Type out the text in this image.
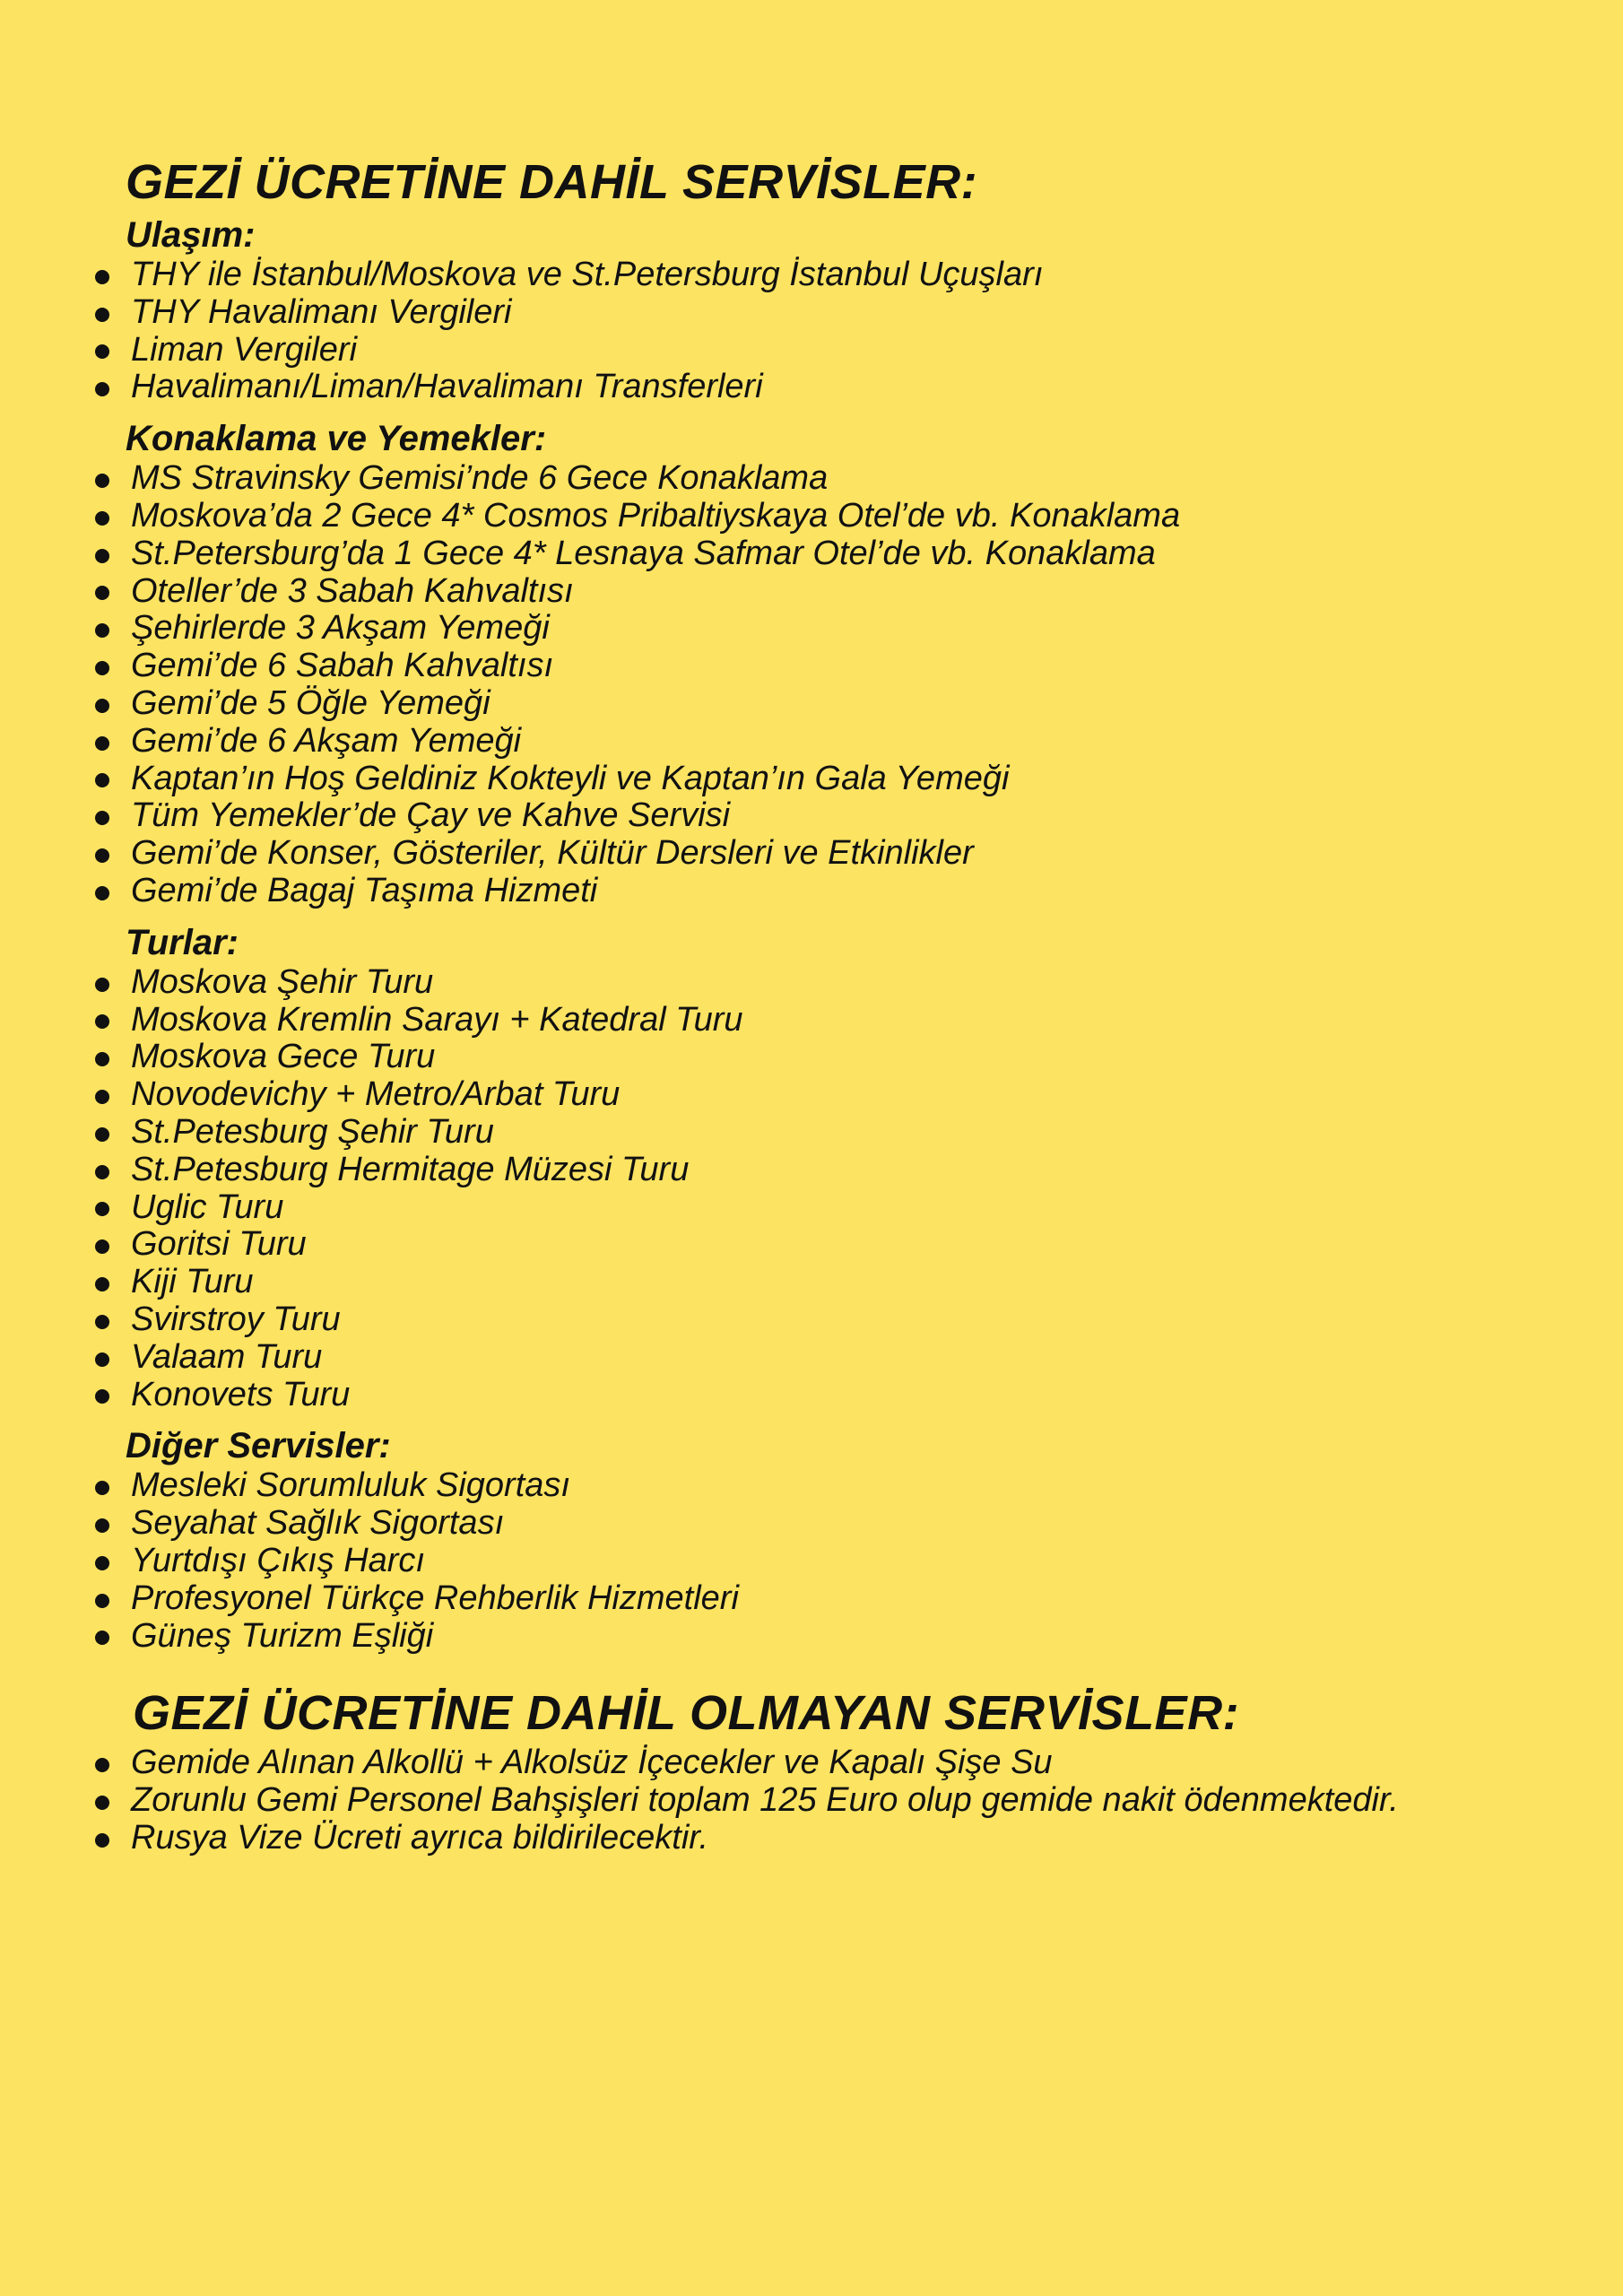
GEZİ ÜCRETİNE DAHİL SERVİSLER:
Ulaşım:
THY ile İstanbul/Moskova ve St.Petersburg İstanbul Uçuşları
THY Havalimanı Vergileri
Liman Vergileri
Havalimanı/Liman/Havalimanı Transferleri
Konaklama ve Yemekler:
MS Stravinsky Gemisi’nde 6 Gece Konaklama
Moskova’da 2 Gece 4* Cosmos Pribaltiyskaya Otel’de vb. Konaklama
St.Petersburg’da 1 Gece 4* Lesnaya Safmar Otel’de vb. Konaklama
Oteller’de 3 Sabah Kahvaltısı
Şehirlerde 3 Akşam Yemeği
Gemi’de 6 Sabah Kahvaltısı
Gemi’de 5 Öğle Yemeği
Gemi’de 6 Akşam Yemeği
Kaptan’ın Hoş Geldiniz Kokteyli ve Kaptan’ın Gala Yemeği
Tüm Yemekler’de Çay ve Kahve Servisi
Gemi’de Konser, Gösteriler, Kültür Dersleri ve Etkinlikler
Gemi’de Bagaj Taşıma Hizmeti
Turlar:
Moskova Şehir Turu
Moskova Kremlin Sarayı + Katedral Turu
Moskova Gece Turu
Novodevichy + Metro/Arbat Turu
St.Petesburg Şehir Turu
St.Petesburg Hermitage Müzesi Turu
Uglic Turu
Goritsi Turu
Kiji Turu
Svirstroy Turu
Valaam Turu
Konovets Turu
Diğer Servisler:
Mesleki Sorumluluk Sigortası
Seyahat Sağlık Sigortası
Yurtdışı Çıkış Harcı
Profesyonel Türkçe Rehberlik Hizmetleri
Güneş Turizm Eşliği
GEZİ ÜCRETİNE DAHİL OLMAYAN SERVİSLER:
Gemide Alınan Alkollü + Alkolsüz İçecekler ve Kapalı Şişe Su
Zorunlu Gemi Personel Bahşişleri toplam 125 Euro olup gemide nakit ödenmektedir.
Rusya Vize Ücreti ayrıca bildirilecektir.
